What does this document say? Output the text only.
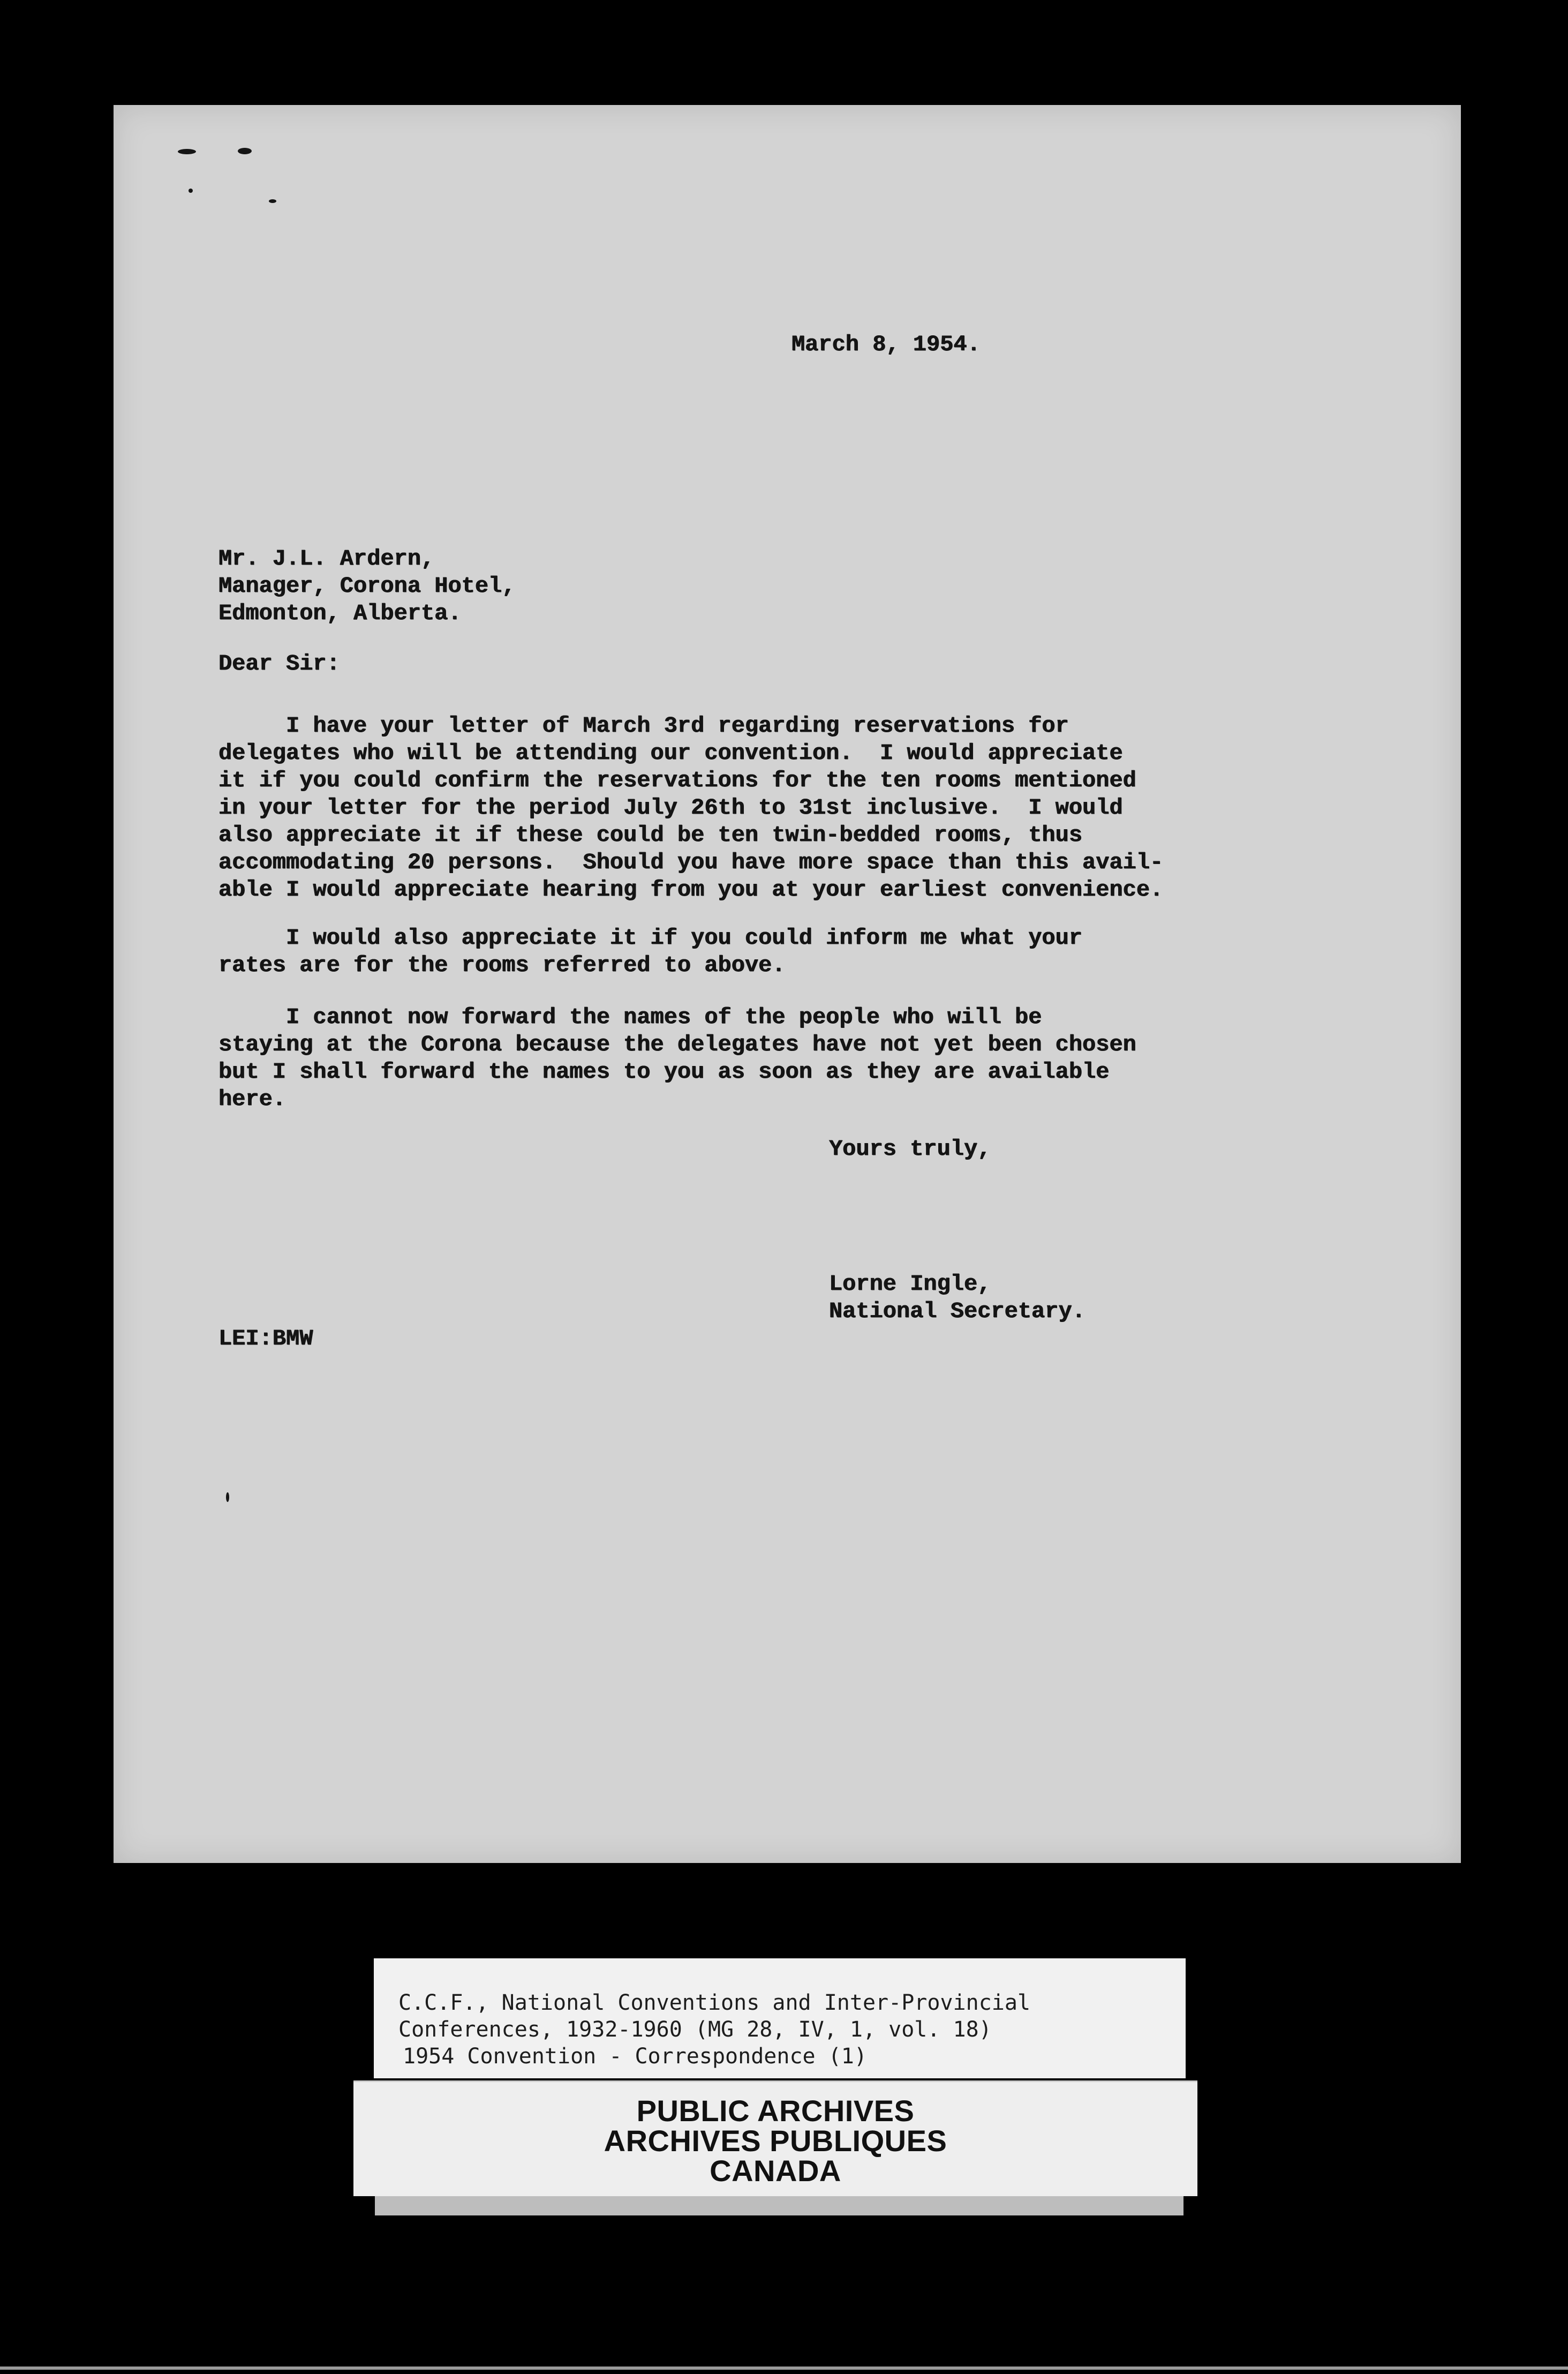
March 8, 1954.
Mr. J.L. Ardern,
Manager, Corona Hotel,
Edmonton, Alberta.
Dear Sir:
I have your letter of March 3rd regarding reservations for
delegates who will be attending our convention.  I would appreciate
it if you could confirm the reservations for the ten rooms mentioned
in your letter for the period July 26th to 31st inclusive.  I would
also appreciate it if these could be ten twin-bedded rooms, thus
accommodating 20 persons.  Should you have more space than this avail-
able I would appreciate hearing from you at your earliest convenience.
I would also appreciate it if you could inform me what your
rates are for the rooms referred to above.
I cannot now forward the names of the people who will be
staying at the Corona because the delegates have not yet been chosen
but I shall forward the names to you as soon as they are available
here.
Yours truly,
Lorne Ingle,
National Secretary.
LEI:BMW
C.C.F., National Conventions and Inter-Provincial
Conferences, 1932-1960 (MG 28, IV, 1, vol. 18)
1954 Convention - Correspondence (1)
PUBLIC ARCHIVES
ARCHIVES PUBLIQUES
CANADA
